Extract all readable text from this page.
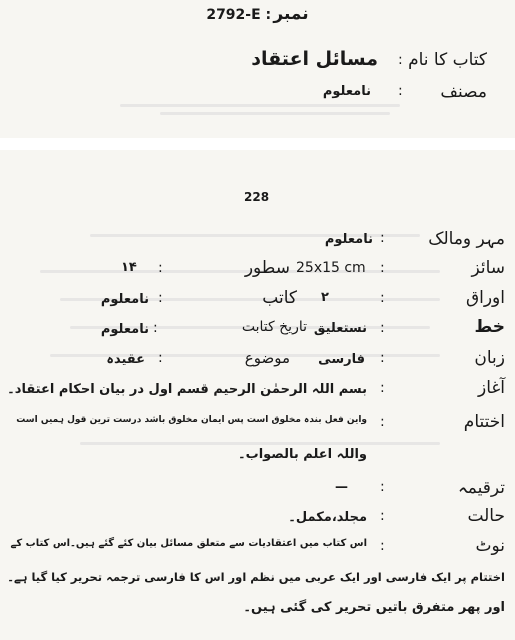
2792-E : نمبر
کتاب کا نام
:
مسائل اعتقاد
مصنف
:
نامعلوم
228
مہر ومالک
:
نامعلوم
سائز
:
25x15 cm
سطور
:
۱۴
اوراق
:
۲
کاتب
:
نامعلوم
خط
:
نستعلیق
تاریخ کتابت
:
نامعلوم
زبان
:
فارسی
موضوع
:
عقیدہ
آغاز
:
بسم اللہ الرحمٰن الرحیم قسم اول در بیان احکام اعتقاد۔
اختتام
:
واین فعل بندہ مخلوق است پس ایمان مخلوق باشد درست ترین قول ہمیں است
واللہ اعلم بالصواب۔
ترقیمہ
:
—
حالت
:
مجلد،مکمل۔
نوٹ
:
اس کتاب میں اعتقادیات سے متعلق مسائل بیان کئے گئے ہیں۔اس کتاب کے
اختتام پر ایک فارسی اور ایک عربی میں نظم اور اس کا فارسی ترجمہ تحریر کیا گیا ہے۔
اور پھر متفرق باتیں تحریر کی گئی ہیں۔
